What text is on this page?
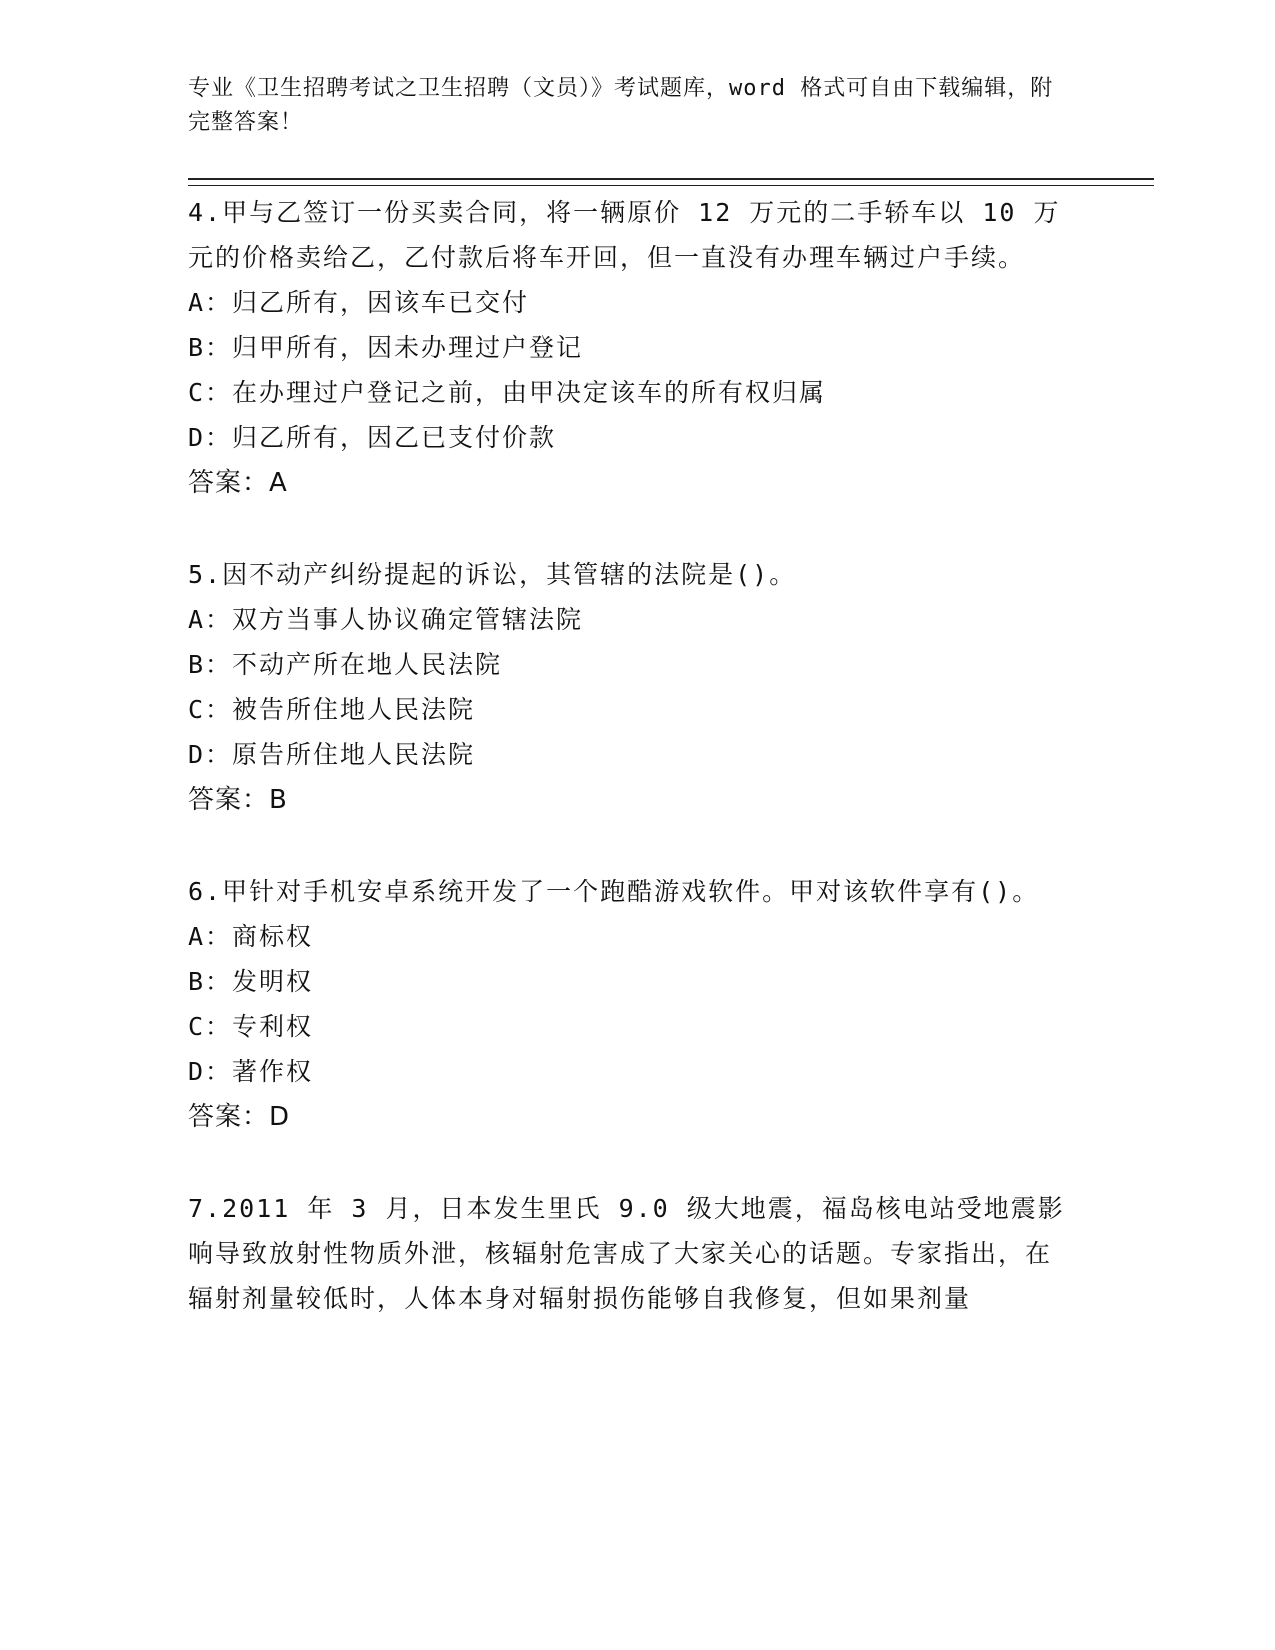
专业《卫生招聘考试之卫生招聘（文员）》考试题库，word 格式可自由下载编辑，附完整答案！

4.甲与乙签订一份买卖合同，将一辆原价 12 万元的二手轿车以 10 万元的价格卖给乙，乙付款后将车开回，但一直没有办理车辆过户手续。

A：归乙所有，因该车已交付

B：归甲所有，因未办理过户登记

C：在办理过户登记之前，由甲决定该车的所有权归属

D：归乙所有，因乙已支付价款

答案：A

5.因不动产纠纷提起的诉讼，其管辖的法院是()。

A：双方当事人协议确定管辖法院

B：不动产所在地人民法院

C：被告所住地人民法院

D：原告所住地人民法院

答案：B

6.甲针对手机安卓系统开发了一个跑酷游戏软件。甲对该软件享有()。

A：商标权

B：发明权

C：专利权

D：著作权

答案：D

7.2011 年 3 月，日本发生里氏 9.0 级大地震，福岛核电站受地震影响导致放射性物质外泄，核辐射危害成了大家关心的话题。专家指出，在辐射剂量较低时，人体本身对辐射损伤能够自我修复，但如果剂量
